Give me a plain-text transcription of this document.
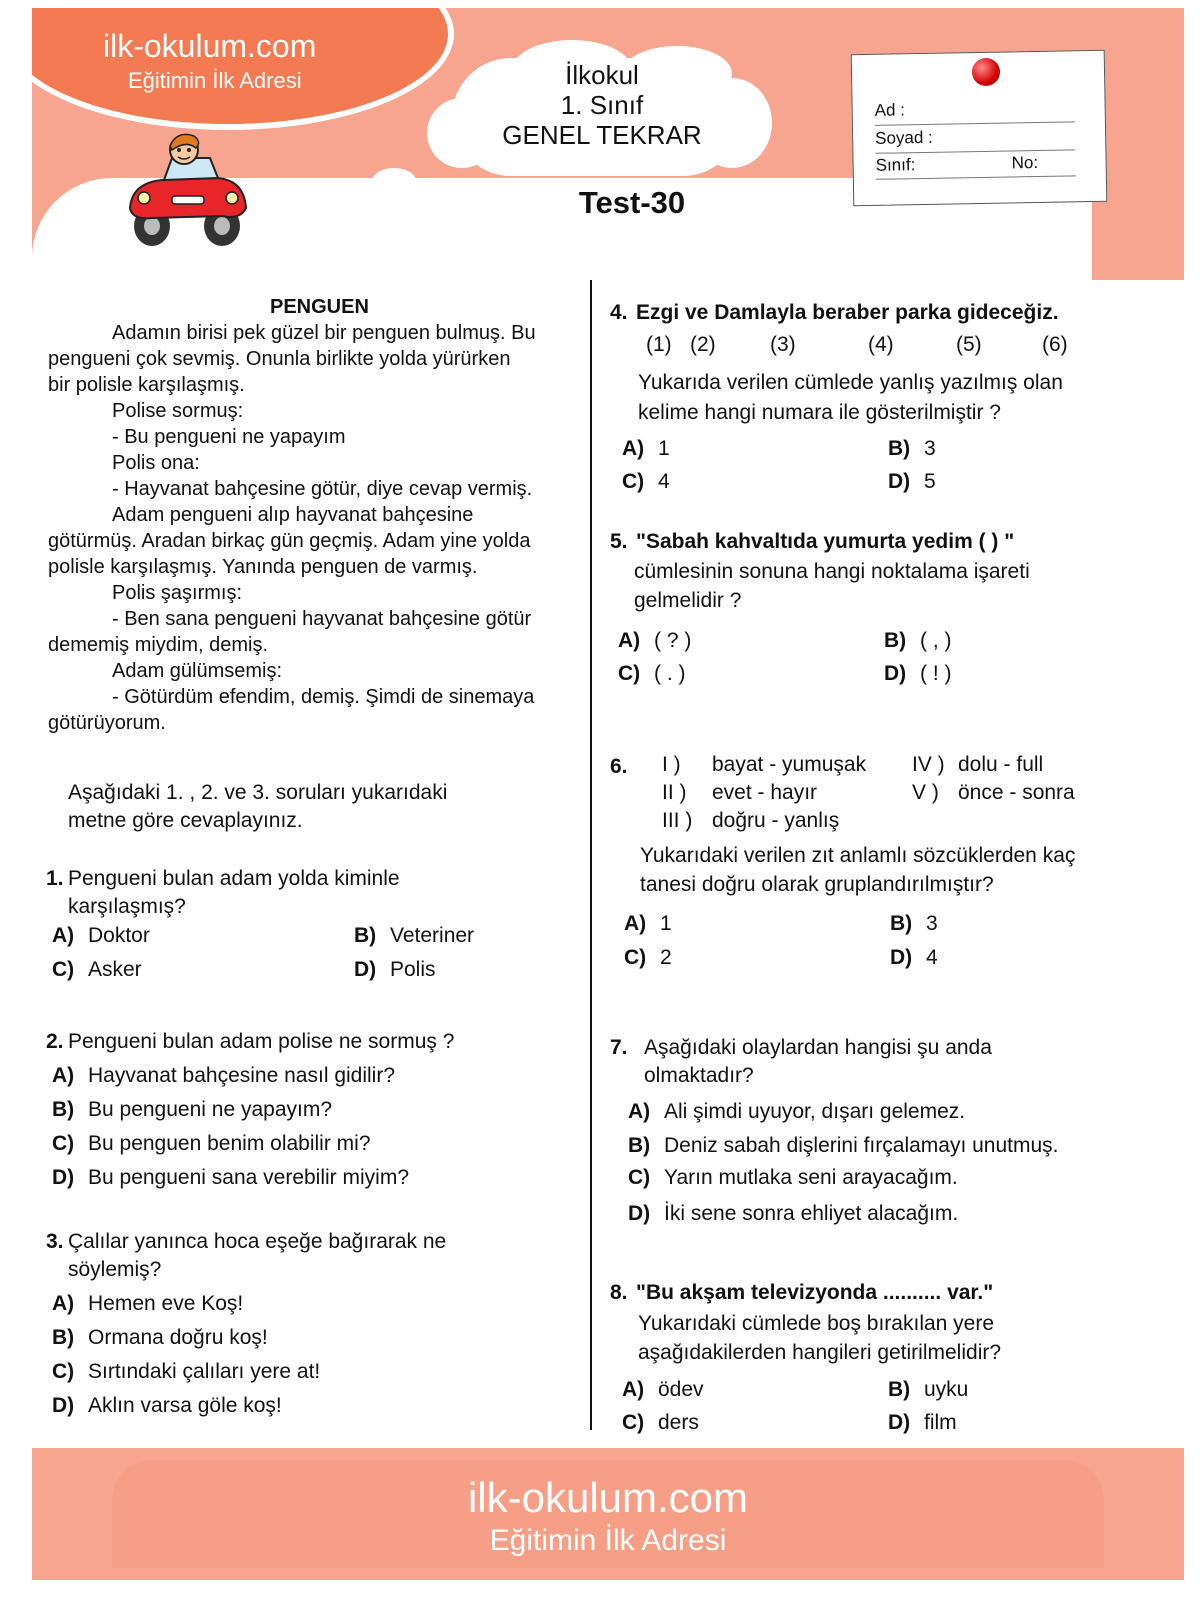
ilk-okulum.com
Eğitimin İlk Adresi	İlkokul
1. Sınıf
GENEL TEKRAR
Test-30
Ad :
Soyad :
Sınıf:	No:
PENGUEN
Adamın birisi pek güzel bir penguen bulmuş. Bu
pengueni çok sevmiş. Onunla birlikte yolda yürürken
bir polisle karşılaşmış.
Polise sormuş:
- Bu pengueni ne yapayım
Polis ona:
- Hayvanat bahçesine götür, diye cevap vermiş.
Adam pengueni alıp hayvanat bahçesine
götürmüş. Aradan birkaç gün geçmiş. Adam yine yolda
polisle karşılaşmış. Yanında penguen de varmış.
Polis şaşırmış:
- Ben sana pengueni hayvanat bahçesine götür
dememiş miydim, demiş.
Adam gülümsemiş:
- Götürdüm efendim, demiş. Şimdi de sinemaya
götürüyorum.
Aşağıdaki 1. , 2. ve 3. soruları yukarıdaki
metne göre cevaplayınız.
1. Pengueni bulan adam yolda kiminle
karşılaşmış?
A) Doktor	B) Veteriner
C) Asker	D) Polis
2. Pengueni bulan adam polise ne sormuş ?
A) Hayvanat bahçesine nasıl gidilir?
B) Bu pengueni ne yapayım?
C) Bu penguen benim olabilir mi?
D) Bu pengueni sana verebilir miyim?
3. Çalılar yanınca hoca eşeğe bağırarak ne
söylemiş?
A) Hemen eve Koş!
B) Ormana doğru koş!
C) Sırtındaki çalıları yere at!
D) Aklın varsa göle koş!
4. Ezgi ve Damlayla beraber parka gideceğiz.
(1) (2)	(3)	(4)	(5)	(6)
Yukarıda verilen cümlede yanlış yazılmış olan
kelime hangi numara ile gösterilmiştir ?
A) 1	B) 3
C) 4	D) 5
5. "Sabah kahvaltıda yumurta yedim ( ) "
cümlesinin sonuna hangi noktalama işareti
gelmelidir ?
A) ( ? )	B) ( , )
C) ( . )	D) ( ! )
6. I ) bayat - yumuşak
II ) evet - hayır
III ) doğru - yanlış
IV ) dolu - full
V ) önce - sonra
Yukarıdaki verilen zıt anlamlı sözcüklerden kaç
tanesi doğru olarak gruplandırılmıştır?
A) 1	B) 3
C) 2	D) 4
7. Aşağıdaki olaylardan hangisi şu anda
olmaktadır?
A) Ali şimdi uyuyor, dışarı gelemez.
B) Deniz sabah dişlerini fırçalamayı unutmuş.
C) Yarın mutlaka seni arayacağım.
D) İki sene sonra ehliyet alacağım.
8. "Bu akşam televizyonda .......... var."
Yukarıdaki cümlede boş bırakılan yere
aşağıdakilerden hangileri getirilmelidir?
A) ödev	B) uyku
C) ders	D) film
ilk-okulum.com
Eğitimin İlk Adresi
